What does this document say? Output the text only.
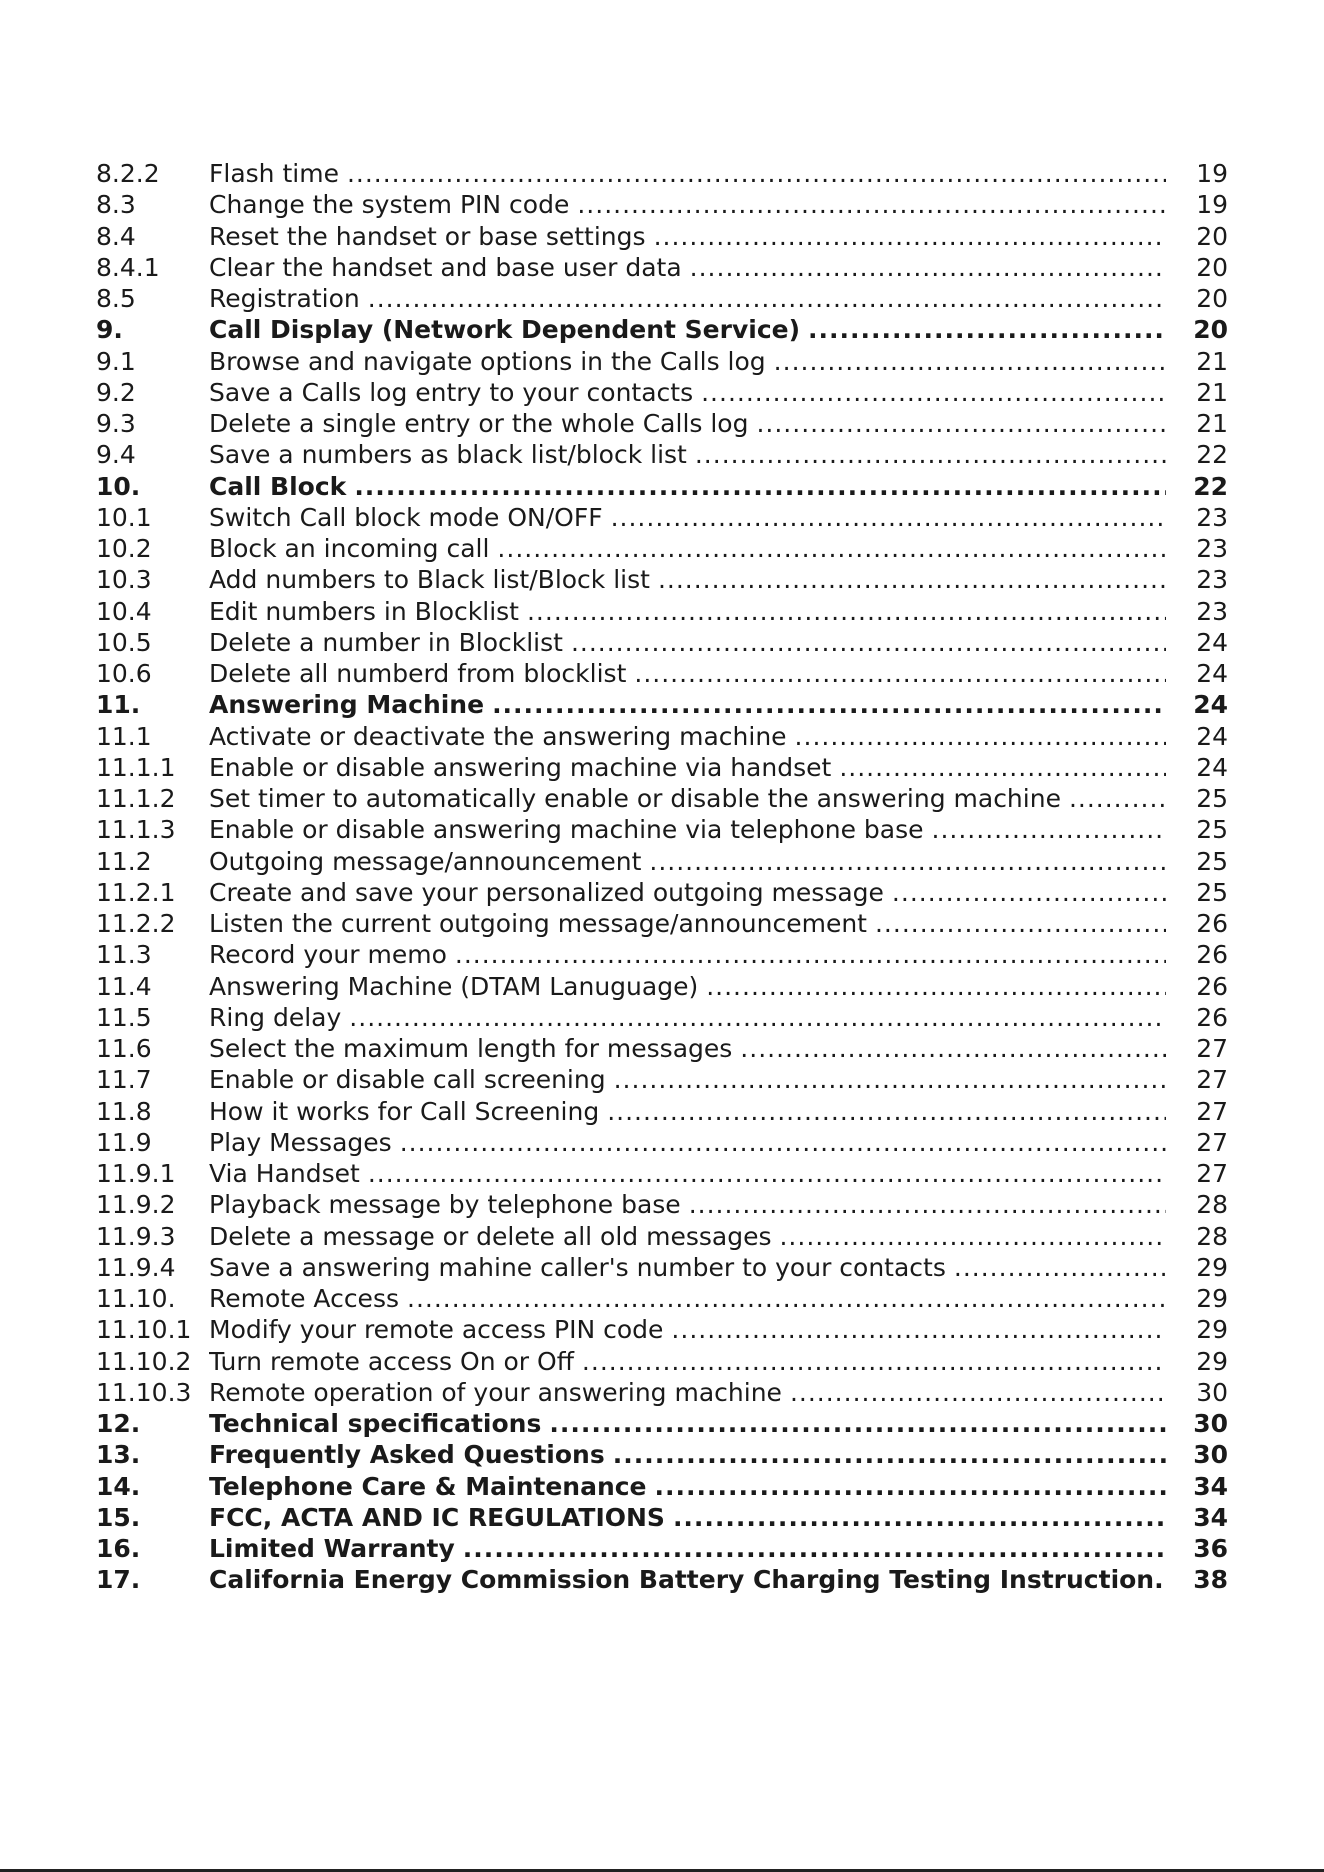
8.2.2	Flash time .....	19
8.3	Change the system PIN code .....	19
8.4	Reset the handset or base settings .....	20
8.4.1	Clear the handset and base user data .....	20
8.5	Registration .....	20
9.	Call Display (Network Dependent Service) .....	20
9.1	Browse and navigate options in the Calls log .....	21
9.2	Save a Calls log entry to your contacts .....	21
9.3	Delete a single entry or the whole Calls log .....	21
9.4	Save a numbers as black list/block list .....	22
10.	Call Block .....	22
10.1	Switch Call block mode ON/OFF .....	23
10.2	Block an incoming call .....	23
10.3	Add numbers to Black list/Block list .....	23
10.4	Edit numbers in Blocklist .....	23
10.5	Delete a number in Blocklist .....	24
10.6	Delete all numberd from blocklist .....	24
11.	Answering Machine .....	24
11.1	Activate or deactivate the answering machine .....	24
11.1.1	Enable or disable answering machine via handset .....	24
11.1.2	Set timer to automatically enable or disable the answering machine .....	25
11.1.3	Enable or disable answering machine via telephone base .....	25
11.2	Outgoing message/announcement .....	25
11.2.1	Create and save your personalized outgoing message .....	25
11.2.2	Listen the current outgoing message/announcement .....	26
11.3	Record your memo .....	26
11.4	Answering Machine (DTAM Lanuguage) .....	26
11.5	Ring delay .....	26
11.6	Select the maximum length for messages .....	27
11.7	Enable or disable call screening .....	27
11.8	How it works for Call Screening .....	27
11.9	Play Messages .....	27
11.9.1	Via Handset .....	27
11.9.2	Playback message by telephone base .....	28
11.9.3	Delete a message or delete all old messages .....	28
11.9.4	Save a answering mahine caller's number to your contacts .....	29
11.10.	Remote Access .....	29
11.10.1 Modify your remote access PIN code .....	29
11.10.2 Turn remote access On or Off .....	29
11.10.3 Remote operation of your answering machine .....	30
12.	Technical specifications .....	30
13.	Frequently Asked Questions .....	30
14.	Telephone Care & Maintenance .....	34
15.	FCC, ACTA AND IC REGULATIONS .....	34
16.	Limited Warranty .....	36
17.	California Energy Commission Battery Charging Testing Instruction.	38
